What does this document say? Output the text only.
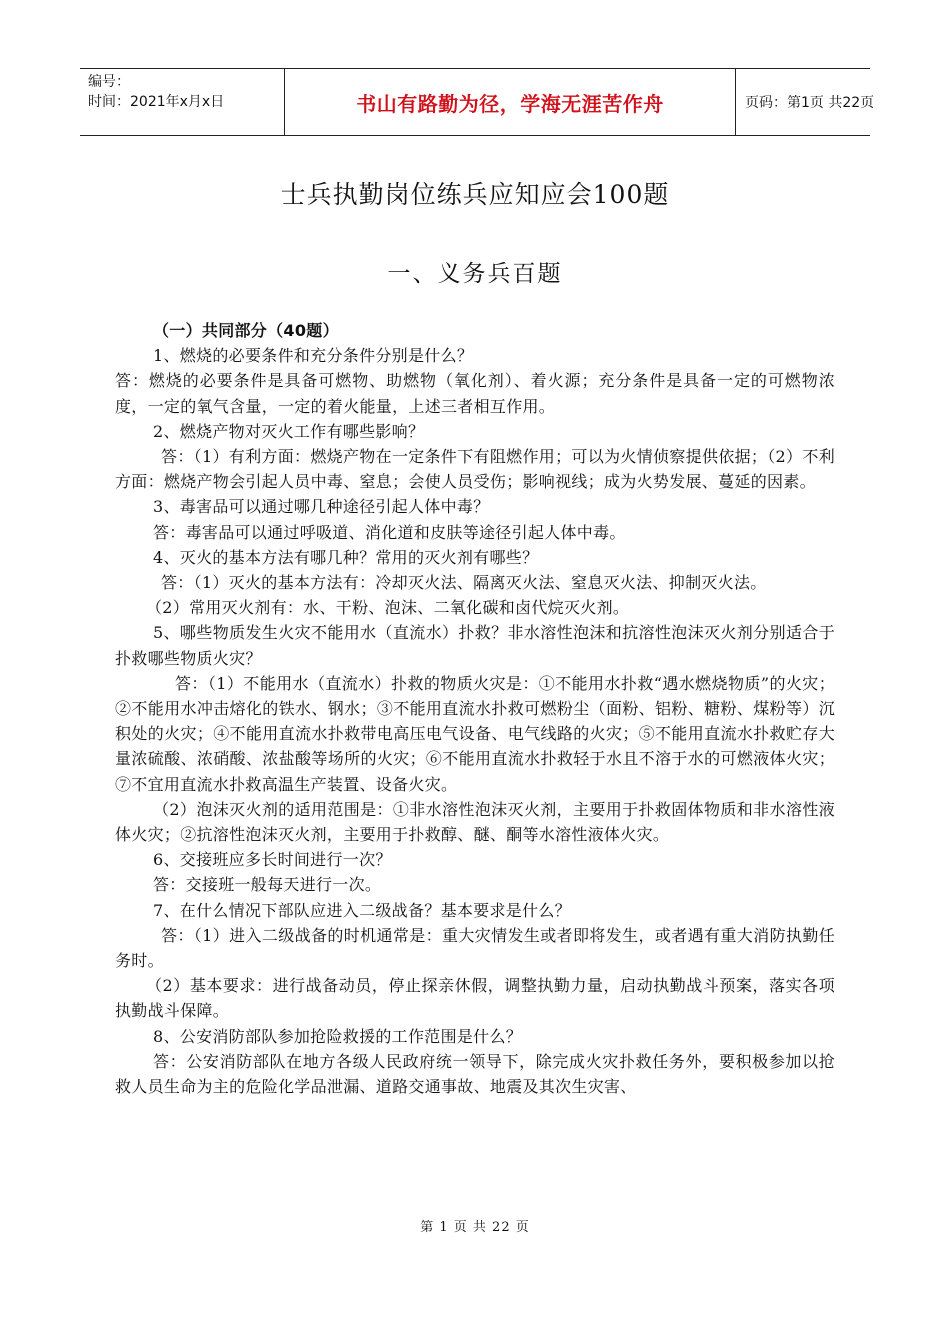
编号：
时间：2021年x月x日	书山有路勤为径，学海无涯苦作舟	页码：第1页 共22页
士兵执勤岗位练兵应知应会100题
一、义务兵百题

（一）共同部分（40题）

1、燃烧的必要条件和充分条件分别是什么？

答：燃烧的必要条件是具备可燃物、助燃物（氧化剂）、着火源；充分条件是具备一定的可燃物浓度，一定的氧气含量，一定的着火能量，上述三者相互作用。

2、燃烧产物对灭火工作有哪些影响？

答：（1）有利方面：燃烧产物在一定条件下有阻燃作用；可以为火情侦察提供依据；（2）不利方面：燃烧产物会引起人员中毒、窒息；会使人员受伤；影响视线；成为火势发展、蔓延的因素。

3、毒害品可以通过哪几种途径引起人体中毒？

答：毒害品可以通过呼吸道、消化道和皮肤等途径引起人体中毒。

4、灭火的基本方法有哪几种？常用的灭火剂有哪些？

答：（1）灭火的基本方法有：冷却灭火法、隔离灭火法、窒息灭火法、抑制灭火法。

（2）常用灭火剂有：水、干粉、泡沫、二氧化碳和卤代烷灭火剂。

5、哪些物质发生火灾不能用水（直流水）扑救？非水溶性泡沫和抗溶性泡沫灭火剂分别适合于扑救哪些物质火灾？

答：（1）不能用水（直流水）扑救的物质火灾是：①不能用水扑救“遇水燃烧物质”的火灾；②不能用水冲击熔化的铁水、钢水；③不能用直流水扑救可燃粉尘（面粉、铝粉、糖粉、煤粉等）沉积处的火灾；④不能用直流水扑救带电高压电气设备、电气线路的火灾；⑤不能用直流水扑救贮存大量浓硫酸、浓硝酸、浓盐酸等场所的火灾；⑥不能用直流水扑救轻于水且不溶于水的可燃液体火灾；⑦不宜用直流水扑救高温生产装置、设备火灾。

（2）泡沫灭火剂的适用范围是：①非水溶性泡沫灭火剂，主要用于扑救固体物质和非水溶性液体火灾；②抗溶性泡沫灭火剂，主要用于扑救醇、醚、酮等水溶性液体火灾。

6、交接班应多长时间进行一次？

答：交接班一般每天进行一次。

7、在什么情况下部队应进入二级战备？基本要求是什么？

答：（1）进入二级战备的时机通常是：重大灾情发生或者即将发生，或者遇有重大消防执勤任务时。

（2）基本要求：进行战备动员，停止探亲休假，调整执勤力量，启动执勤战斗预案，落实各项执勤战斗保障。

8、公安消防部队参加抢险救援的工作范围是什么？

答：公安消防部队在地方各级人民政府统一领导下，除完成火灾扑救任务外，要积极参加以抢救人员生命为主的危险化学品泄漏、道路交通事故、地震及其次生灾害、

第 1 页 共 22 页
